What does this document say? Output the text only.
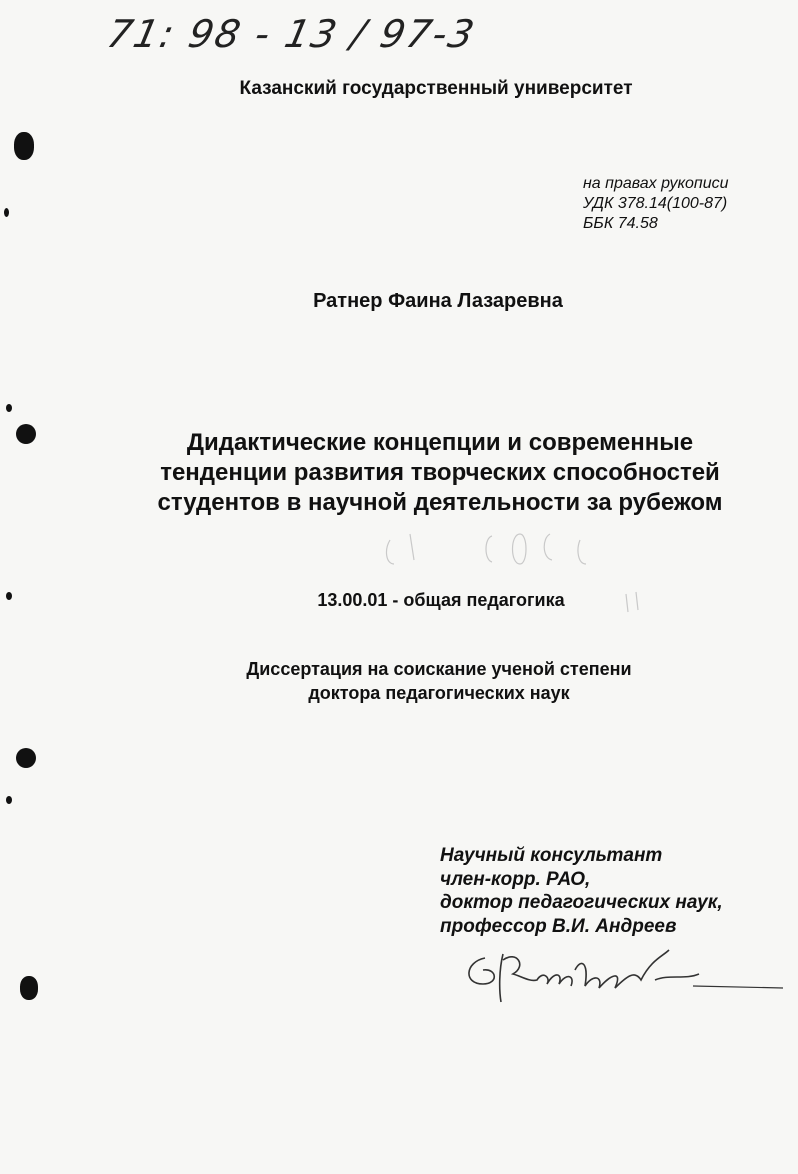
71: 98 - 13 / 97-3
Казанский государственный университет
на правах рукописи
УДК 378.14(100-87)
ББК 74.58
Ратнер Фаина Лазаревна
Дидактические концепции и современные
тенденции развития творческих способностей
студентов в научной деятельности за рубежом
13.00.01 - общая педагогика
Диссертация на соискание ученой степени
доктора педагогических наук
Научный консультант
член-корр. РАО,
доктор педагогических наук,
профессор В.И. Андреев
